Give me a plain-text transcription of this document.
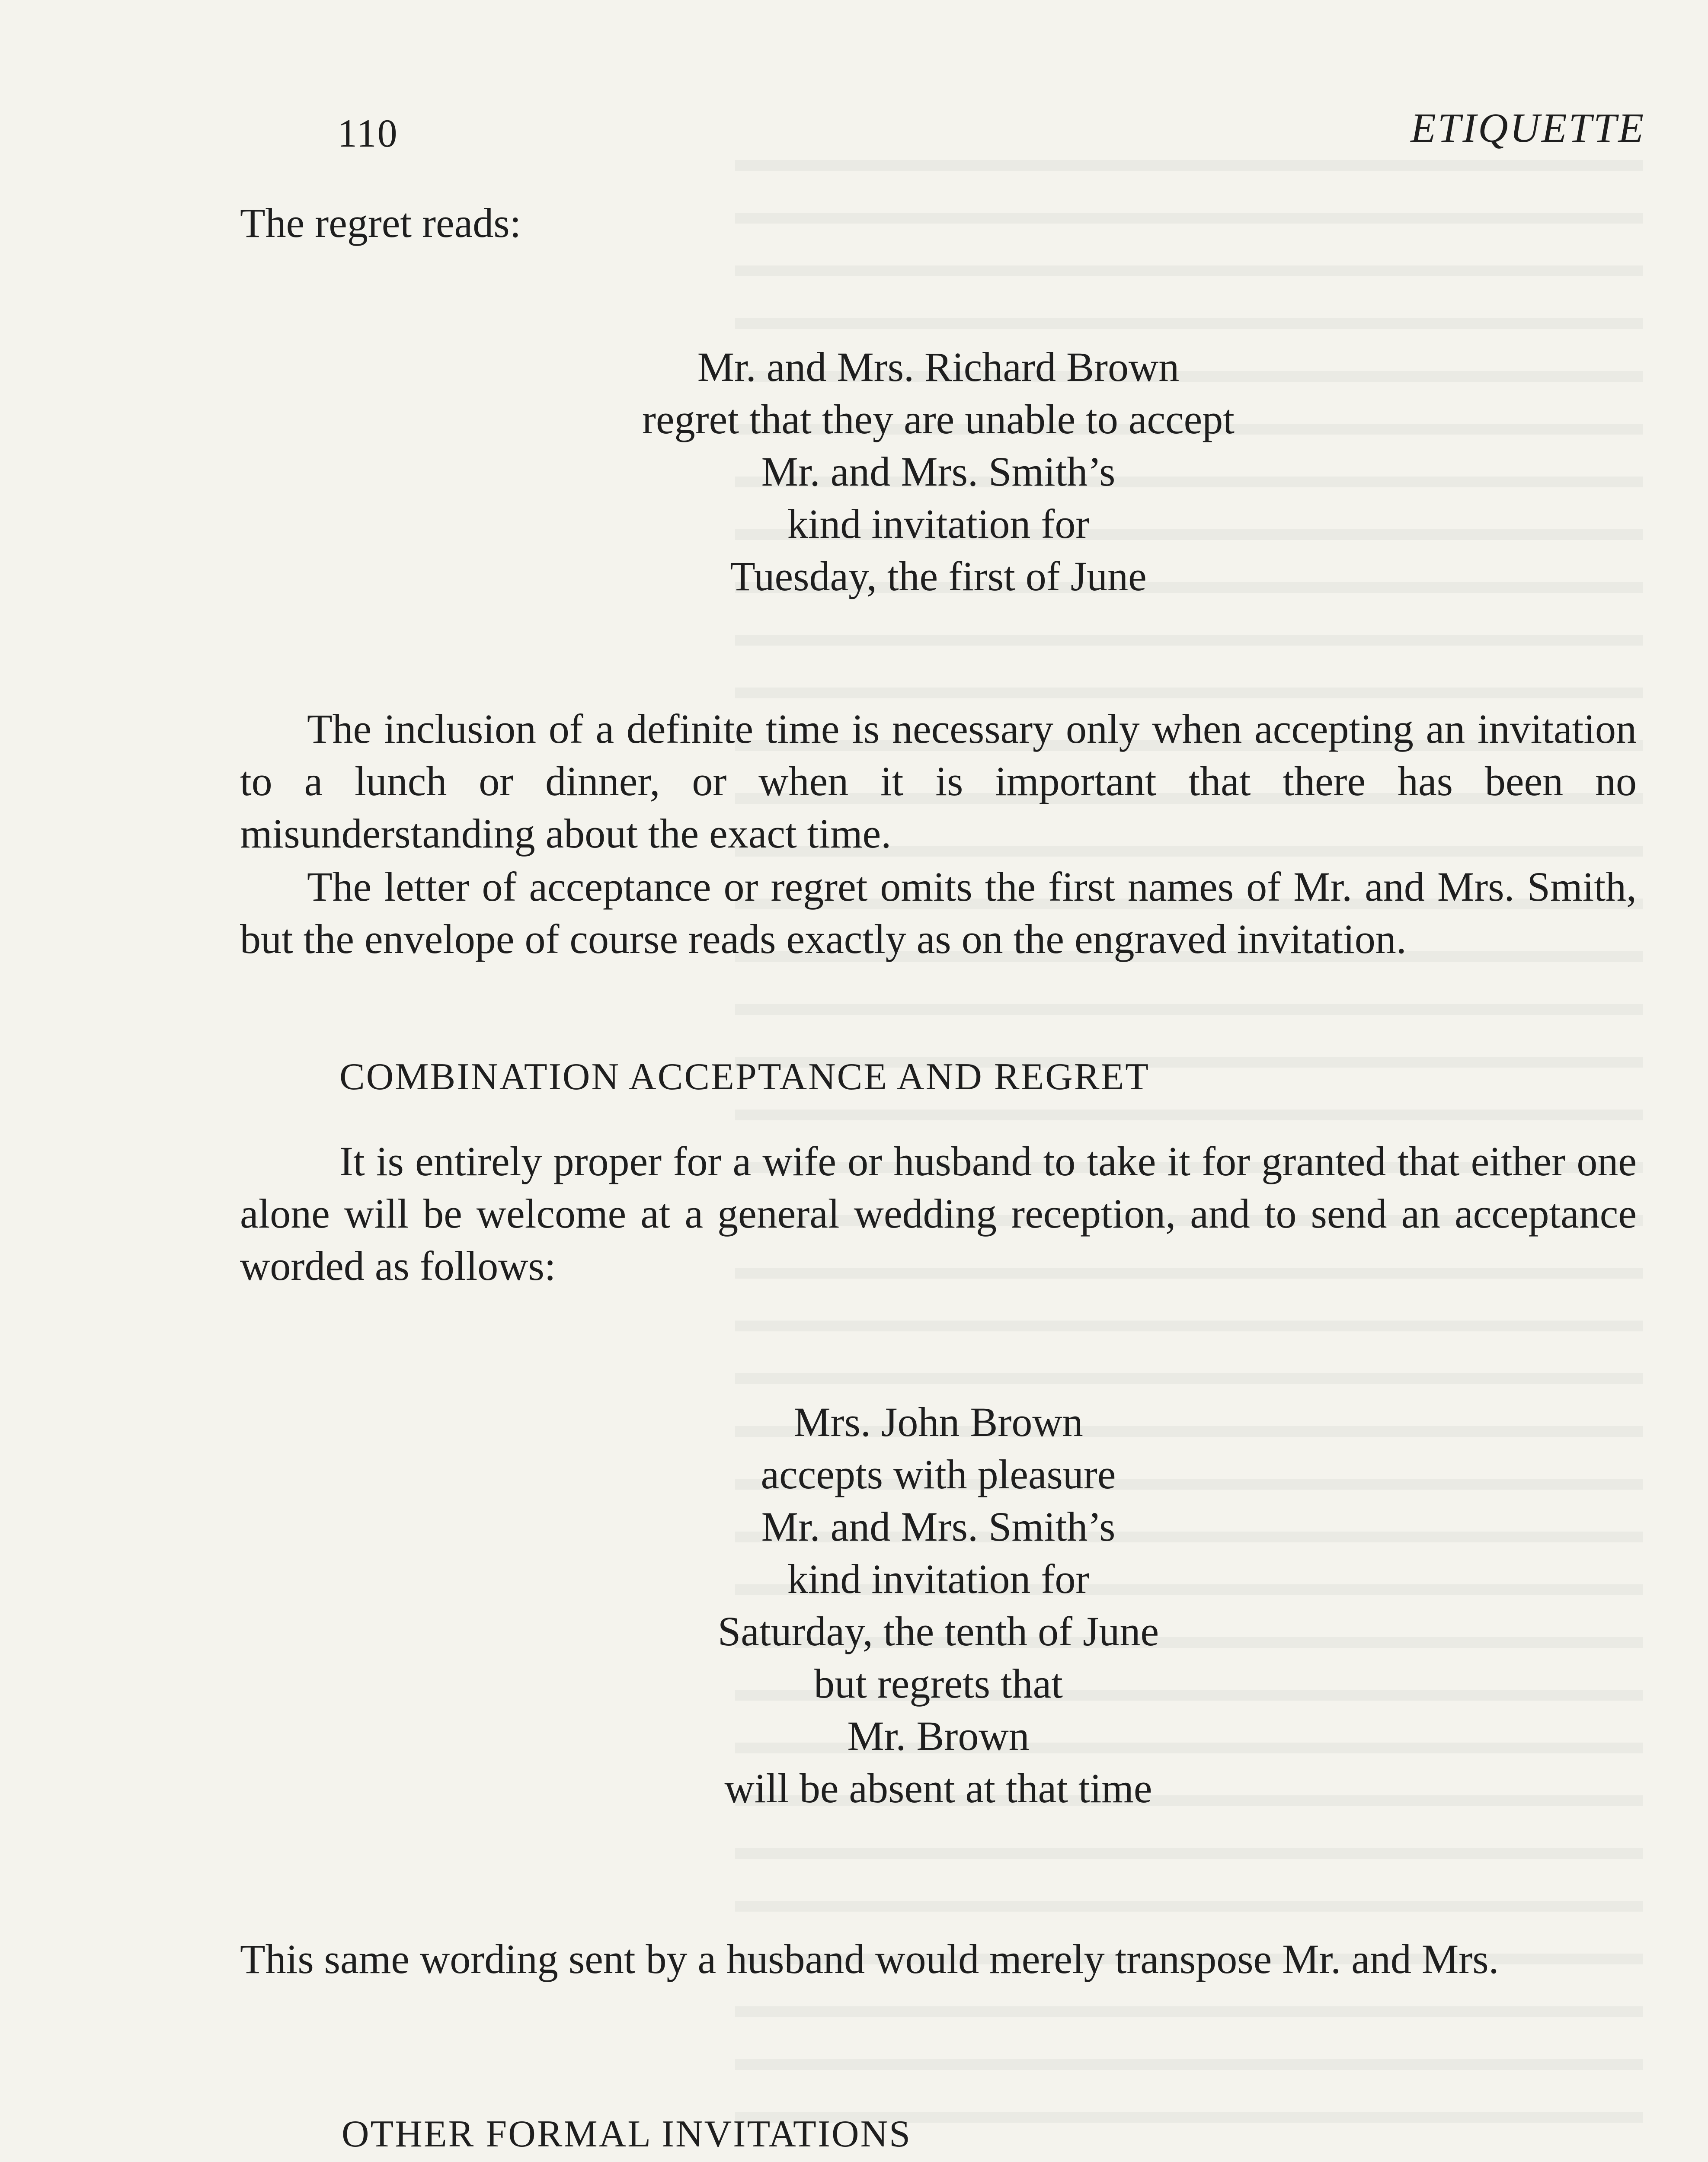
110	ETIQUETTE
The regret reads:
Mr. and Mrs. Richard Brown
regret that they are unable to accept
Mr. and Mrs. Smith’s
kind invitation for
Tuesday, the first of June
The inclusion of a definite time is necessary only when accepting an invitation to a lunch or dinner, or when it is important that there has been no misunderstanding about the exact time.
The letter of acceptance or regret omits the first names of Mr. and Mrs. Smith, but the envelope of course reads exactly as on the engraved invitation.
COMBINATION ACCEPTANCE AND REGRET
It is entirely proper for a wife or husband to take it for granted that either one alone will be welcome at a general wedding reception, and to send an acceptance worded as follows:
Mrs. John Brown
accepts with pleasure
Mr. and Mrs. Smith’s
kind invitation for
Saturday, the tenth of June
but regrets that
Mr. Brown
will be absent at that time
This same wording sent by a husband would merely transpose Mr. and Mrs.
OTHER FORMAL INVITATIONS
